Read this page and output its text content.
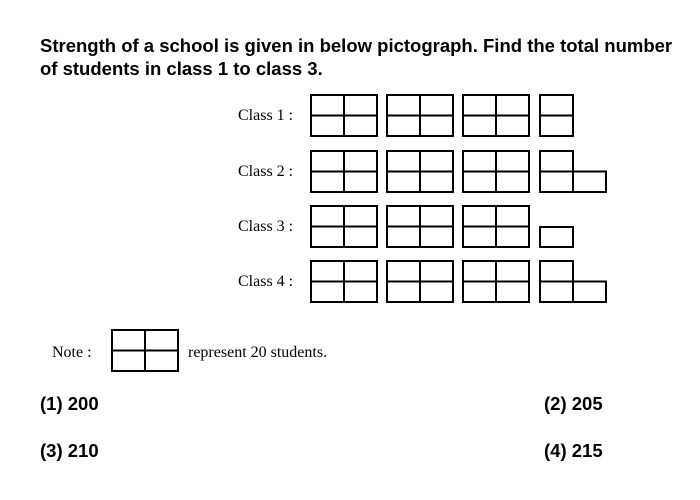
Strength of a school is given in below pictograph. Find the total number of students in class 1 to class 3.

Class 1 :
Class 2 :
Class 3 :
Class 4 :
Note :	represent 20 students.
(1) 200	(2) 205
(3) 210	(4) 215
